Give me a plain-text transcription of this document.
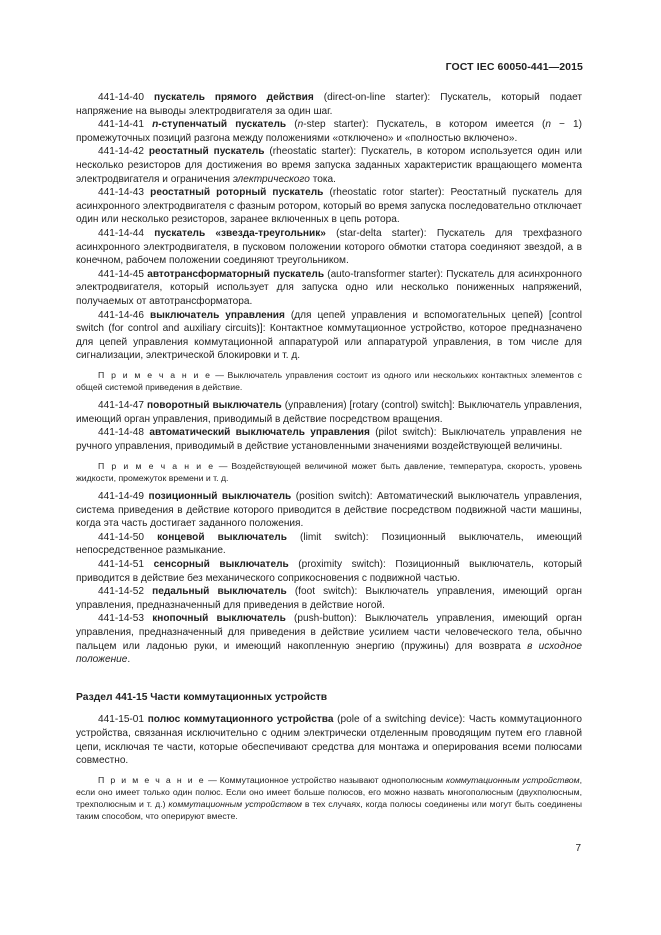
ГОСТ IEC 60050-441—2015

441-14-40 пускатель прямого действия (direct-on-line starter): Пускатель, который подает напряжение на выводы электродвигателя за один шаг.

441-14-41 n-ступенчатый пускатель (n-step starter): Пускатель, в котором имеется (n − 1) промежуточных позиций разгона между положениями «отключено» и «полностью включено».

441-14-42 реостатный пускатель (rheostatic starter): Пускатель, в котором используется один или несколько резисторов для достижения во время запуска заданных характеристик вращающего момента электродвигателя и ограничения электрического тока.

441-14-43 реостатный роторный пускатель (rheostatic rotor starter): Реостатный пускатель для асинхронного электродвигателя с фазным ротором, который во время запуска последовательно отключает один или несколько резисторов, заранее включенных в цепь ротора.

441-14-44 пускатель «звезда-треугольник» (star-delta starter): Пускатель для трехфазного асинхронного электродвигателя, в пусковом положении которого обмотки статора соединяют звездой, а в конечном, рабочем положении соединяют треугольником.

441-14-45 автотрансформаторный пускатель (auto-transformer starter): Пускатель для асинхронного электродвигателя, который использует для запуска одно или несколько пониженных напряжений, получаемых от автотрансформатора.

441-14-46 выключатель управления (для цепей управления и вспомогательных цепей) [control switch (for control and auxiliary circuits)]: Контактное коммутационное устройство, которое предназначено для цепей управления коммутационной аппаратурой или аппаратурой управления, в том числе для сигнализации, электрической блокировки и т. д.

П р и м е ч а н и е — Выключатель управления состоит из одного или нескольких контактных элементов с общей системой приведения в действие.

441-14-47 поворотный выключатель (управления) [rotary (control) switch]: Выключатель управления, имеющий орган управления, приводимый в действие посредством вращения.

441-14-48 автоматический выключатель управления (pilot switch): Выключатель управления не ручного управления, приводимый в действие установленными значениями воздействующей величины.

П р и м е ч а н и е — Воздействующей величиной может быть давление, температура, скорость, уровень жидкости, промежуток времени и т. д.

441-14-49 позиционный выключатель (position switch): Автоматический выключатель управления, система приведения в действие которого приводится в действие посредством подвижной части машины, когда эта часть достигает заданного положения.

441-14-50 концевой выключатель (limit switch): Позиционный выключатель, имеющий непосредственное размыкание.

441-14-51 сенсорный выключатель (proximity switch): Позиционный выключатель, который приводится в действие без механического соприкосновения с подвижной частью.

441-14-52 педальный выключатель (foot switch): Выключатель управления, имеющий орган управления, предназначенный для приведения в действие ногой.

441-14-53 кнопочный выключатель (push-button): Выключатель управления, имеющий орган управления, предназначенный для приведения в действие усилием части человеческого тела, обычно пальцем или ладонью руки, и имеющий накопленную энергию (пружины) для возврата в исходное положение.

Раздел 441-15 Части коммутационных устройств

441-15-01 полюс коммутационного устройства (pole of a switching device): Часть коммутационного устройства, связанная исключительно с одним электрически отделенным проводящим путем его главной цепи, исключая те части, которые обеспечивают средства для монтажа и оперирования всеми полюсами совместно.

П р и м е ч а н и е — Коммутационное устройство называют однополюсным коммутационным устройством, если оно имеет только один полюс. Если оно имеет больше полюсов, его можно назвать многополюсным (двухполюсным, трехполюсным и т. д.) коммутационным устройством в тех случаях, когда полюсы соединены или могут быть соединены таким способом, что оперируют вместе.

7
